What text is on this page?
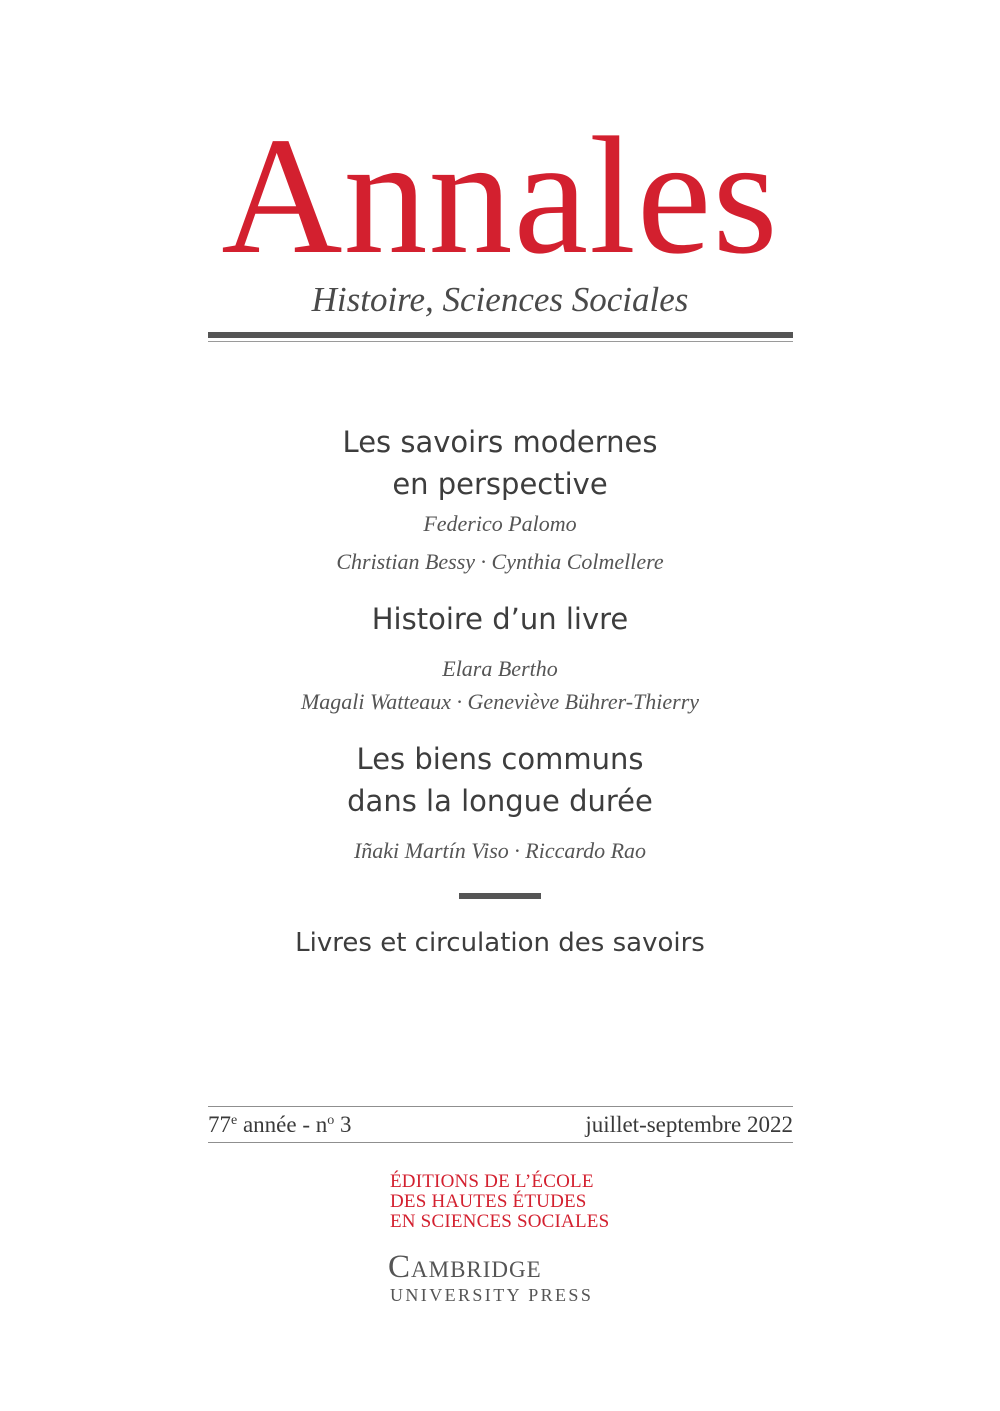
Annales
Histoire, Sciences Sociales
Les savoirs modernes
en perspective
Federico Palomo
Christian Bessy · Cynthia Colmellere
Histoire d’un livre
Elara Bertho
Magali Watteaux · Geneviève Bührer-Thierry
Les biens communs
dans la longue durée
Iñaki Martín Viso · Riccardo Rao
Livres et circulation des savoirs
77e année - $n^o$ 3	juillet-septembre 2022
ÉDITIONS DE L’ÉCOLE
DES HAUTES ÉTUDES
EN SCIENCES SOCIALES
Cambridge
UNIVERSITY PRESS
